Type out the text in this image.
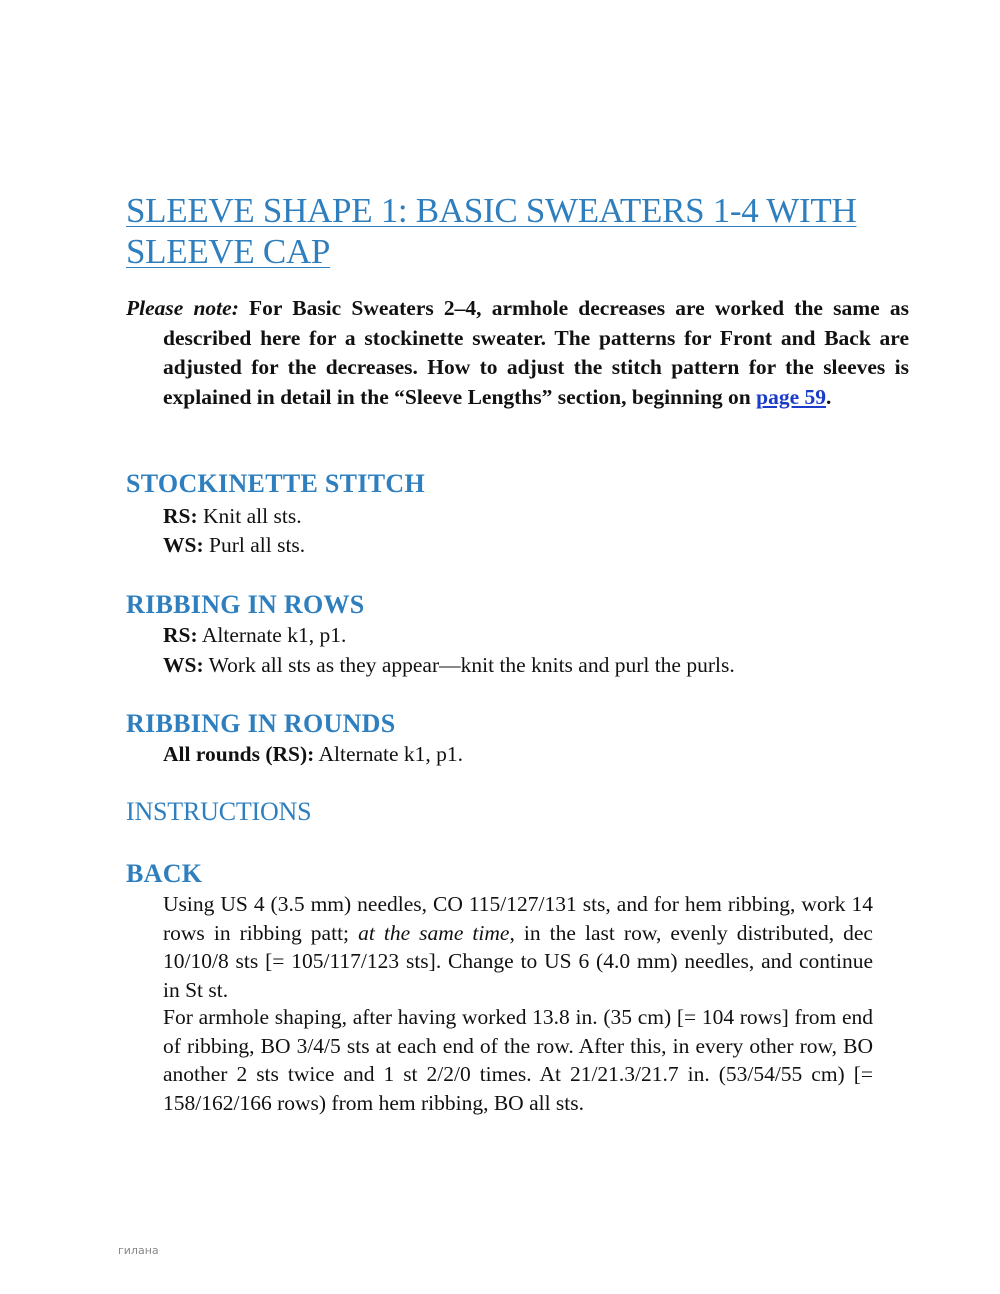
SLEEVE SHAPE 1: BASIC SWEATERS 1-4 WITH SLEEVE CAP

Please note: For Basic Sweaters 2–4, armhole decreases are worked the same as described here for a stockinette sweater. The patterns for Front and Back are adjusted for the decreases. How to adjust the stitch pattern for the sleeves is explained in detail in the “Sleeve Lengths” section, beginning on page 59.

STOCKINETTE STITCH

RS: Knit all sts.

WS: Purl all sts.

RIBBING IN ROWS

RS: Alternate k1, p1.

WS: Work all sts as they appear—knit the knits and purl the purls.

RIBBING IN ROUNDS

All rounds (RS): Alternate k1, p1.

INSTRUCTIONS
BACK

Using US 4 (3.5 mm) needles, CO 115/127/131 sts, and for hem ribbing, work 14 rows in ribbing patt; at the same time, in the last row, evenly distributed, dec 10/10/8 sts [= 105/117/123 sts]. Change to US 6 (4.0 mm) needles, and continue in St st.

For armhole shaping, after having worked 13.8 in. (35 cm) [= 104 rows] from end of ribbing, BO 3/4/5 sts at each end of the row. After this, in every other row, BO another 2 sts twice and 1 st 2/2/0 times. At 21/21.3/21.7 in. (53/54/55 cm) [= 158/162/166 rows) from hem ribbing, BO all sts.

гилана
